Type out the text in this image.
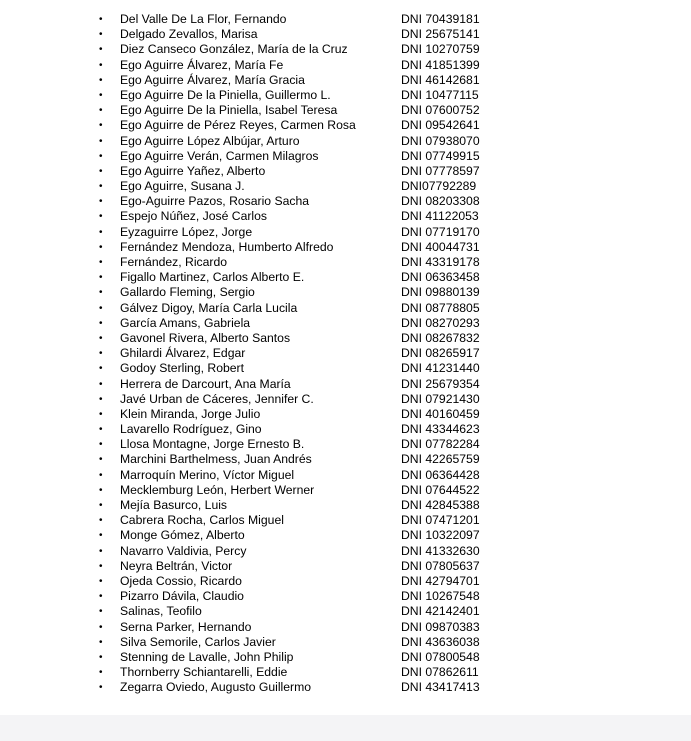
•	Del Valle De La Flor, Fernando	DNI 70439181
•	Delgado Zevallos, Marisa	DNI 25675141
•	Diez Canseco González, María de la Cruz	DNI 10270759
•	Ego Aguirre Álvarez, María Fe	DNI 41851399
•	Ego Aguirre Álvarez, María Gracia	DNI 46142681
•	Ego Aguirre De la Piniella, Guillermo L.	DNI 10477115
•	Ego Aguirre De la Piniella, Isabel Teresa	DNI 07600752
•	Ego Aguirre de Pérez Reyes, Carmen Rosa	DNI 09542641
•	Ego Aguirre López Albújar, Arturo	DNI 07938070
•	Ego Aguirre Verán, Carmen Milagros	DNI 07749915
•	Ego Aguirre Yañez, Alberto	DNI 07778597
•	Ego Aguirre, Susana J.	DNI07792289
•	Ego-Aguirre Pazos, Rosario Sacha	DNI 08203308
•	Espejo Núñez, José Carlos	DNI 41122053
•	Eyzaguirre López, Jorge	DNI 07719170
•	Fernández Mendoza, Humberto Alfredo	DNI 40044731
•	Fernández, Ricardo	DNI 43319178
•	Figallo Martinez, Carlos Alberto E.	DNI 06363458
•	Gallardo Fleming, Sergio	DNI 09880139
•	Gálvez Digoy, María Carla Lucila	DNI 08778805
•	García Amans, Gabriela	DNI 08270293
•	Gavonel Rivera, Alberto Santos	DNI 08267832
•	Ghilardi Álvarez, Edgar	DNI 08265917
•	Godoy Sterling, Robert	DNI 41231440
•	Herrera de Darcourt, Ana María	DNI 25679354
•	Javé Urban de Cáceres, Jennifer C.	DNI 07921430
•	Klein Miranda, Jorge Julio	DNI 40160459
•	Lavarello Rodríguez, Gino	DNI 43344623
•	Llosa Montagne, Jorge Ernesto B.	DNI 07782284
•	Marchini Barthelmess, Juan Andrés	DNI 42265759
•	Marroquín Merino, Víctor Miguel	DNI 06364428
•	Mecklemburg León, Herbert Werner	DNI 07644522
•	Mejía Basurco, Luis	DNI 42845388
•	Cabrera Rocha, Carlos Miguel	DNI 07471201
•	Monge Gómez, Alberto	DNI 10322097
•	Navarro Valdivia, Percy	DNI 41332630
•	Neyra Beltrán, Victor	DNI 07805637
•	Ojeda Cossio, Ricardo	DNI 42794701
•	Pizarro Dávila, Claudio	DNI 10267548
•	Salinas, Teofilo	DNI 42142401
•	Serna Parker, Hernando	DNI 09870383
•	Silva Semorile, Carlos Javier	DNI 43636038
•	Stenning de Lavalle, John Philip	DNI 07800548
•	Thornberry Schiantarelli, Eddie	DNI 07862611
•	Zegarra Oviedo, Augusto Guillermo	DNI 43417413
